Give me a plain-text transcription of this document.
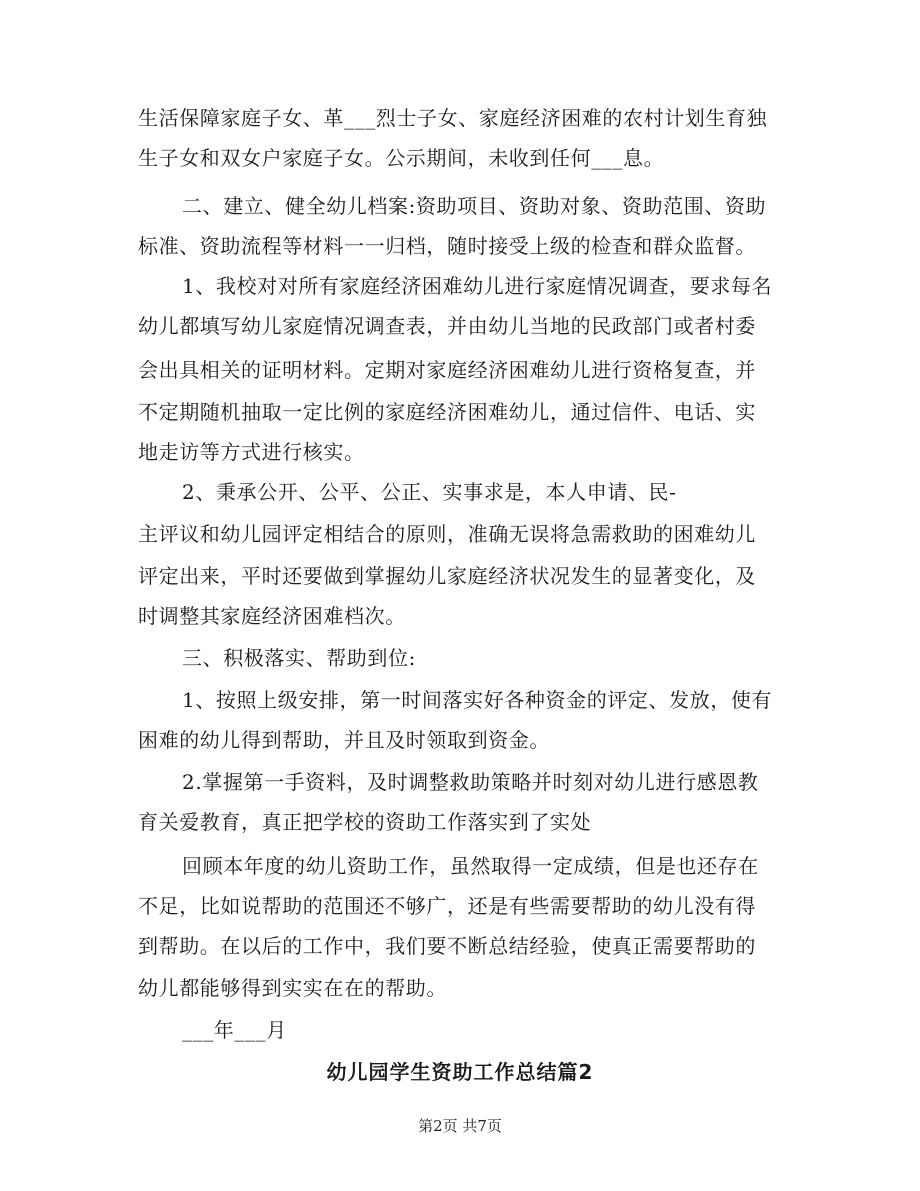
生活保障家庭子女、革___烈士子女、家庭经济困难的农村计划生育独
生子女和双女户家庭子女。公示期间，未收到任何___息。
二、建立、健全幼儿档案:资助项目、资助对象、资助范围、资助
标准、资助流程等材料一一归档，随时接受上级的检查和群众监督。
1、我校对对所有家庭经济困难幼儿进行家庭情况调查，要求每名
幼儿都填写幼儿家庭情况调查表，并由幼儿当地的民政部门或者村委
会出具相关的证明材料。定期对家庭经济困难幼儿进行资格复查，并
不定期随机抽取一定比例的家庭经济困难幼儿，通过信件、电话、实
地走访等方式进行核实。
2、秉承公开、公平、公正、实事求是，本人申请、民-
主评议和幼儿园评定相结合的原则，准确无误将急需救助的困难幼儿
评定出来，平时还要做到掌握幼儿家庭经济状况发生的显著变化，及
时调整其家庭经济困难档次。
三、积极落实、帮助到位:
1、按照上级安排，第一时间落实好各种资金的评定、发放，使有
困难的幼儿得到帮助，并且及时领取到资金。
2.掌握第一手资料，及时调整救助策略并时刻对幼儿进行感恩教
育关爱教育，真正把学校的资助工作落实到了实处
回顾本年度的幼儿资助工作，虽然取得一定成绩，但是也还存在
不足，比如说帮助的范围还不够广，还是有些需要帮助的幼儿没有得
到帮助。在以后的工作中，我们要不断总结经验，使真正需要帮助的
幼儿都能够得到实实在在的帮助。
___年___月
幼儿园学生资助工作总结篇2
第2页 共7页
